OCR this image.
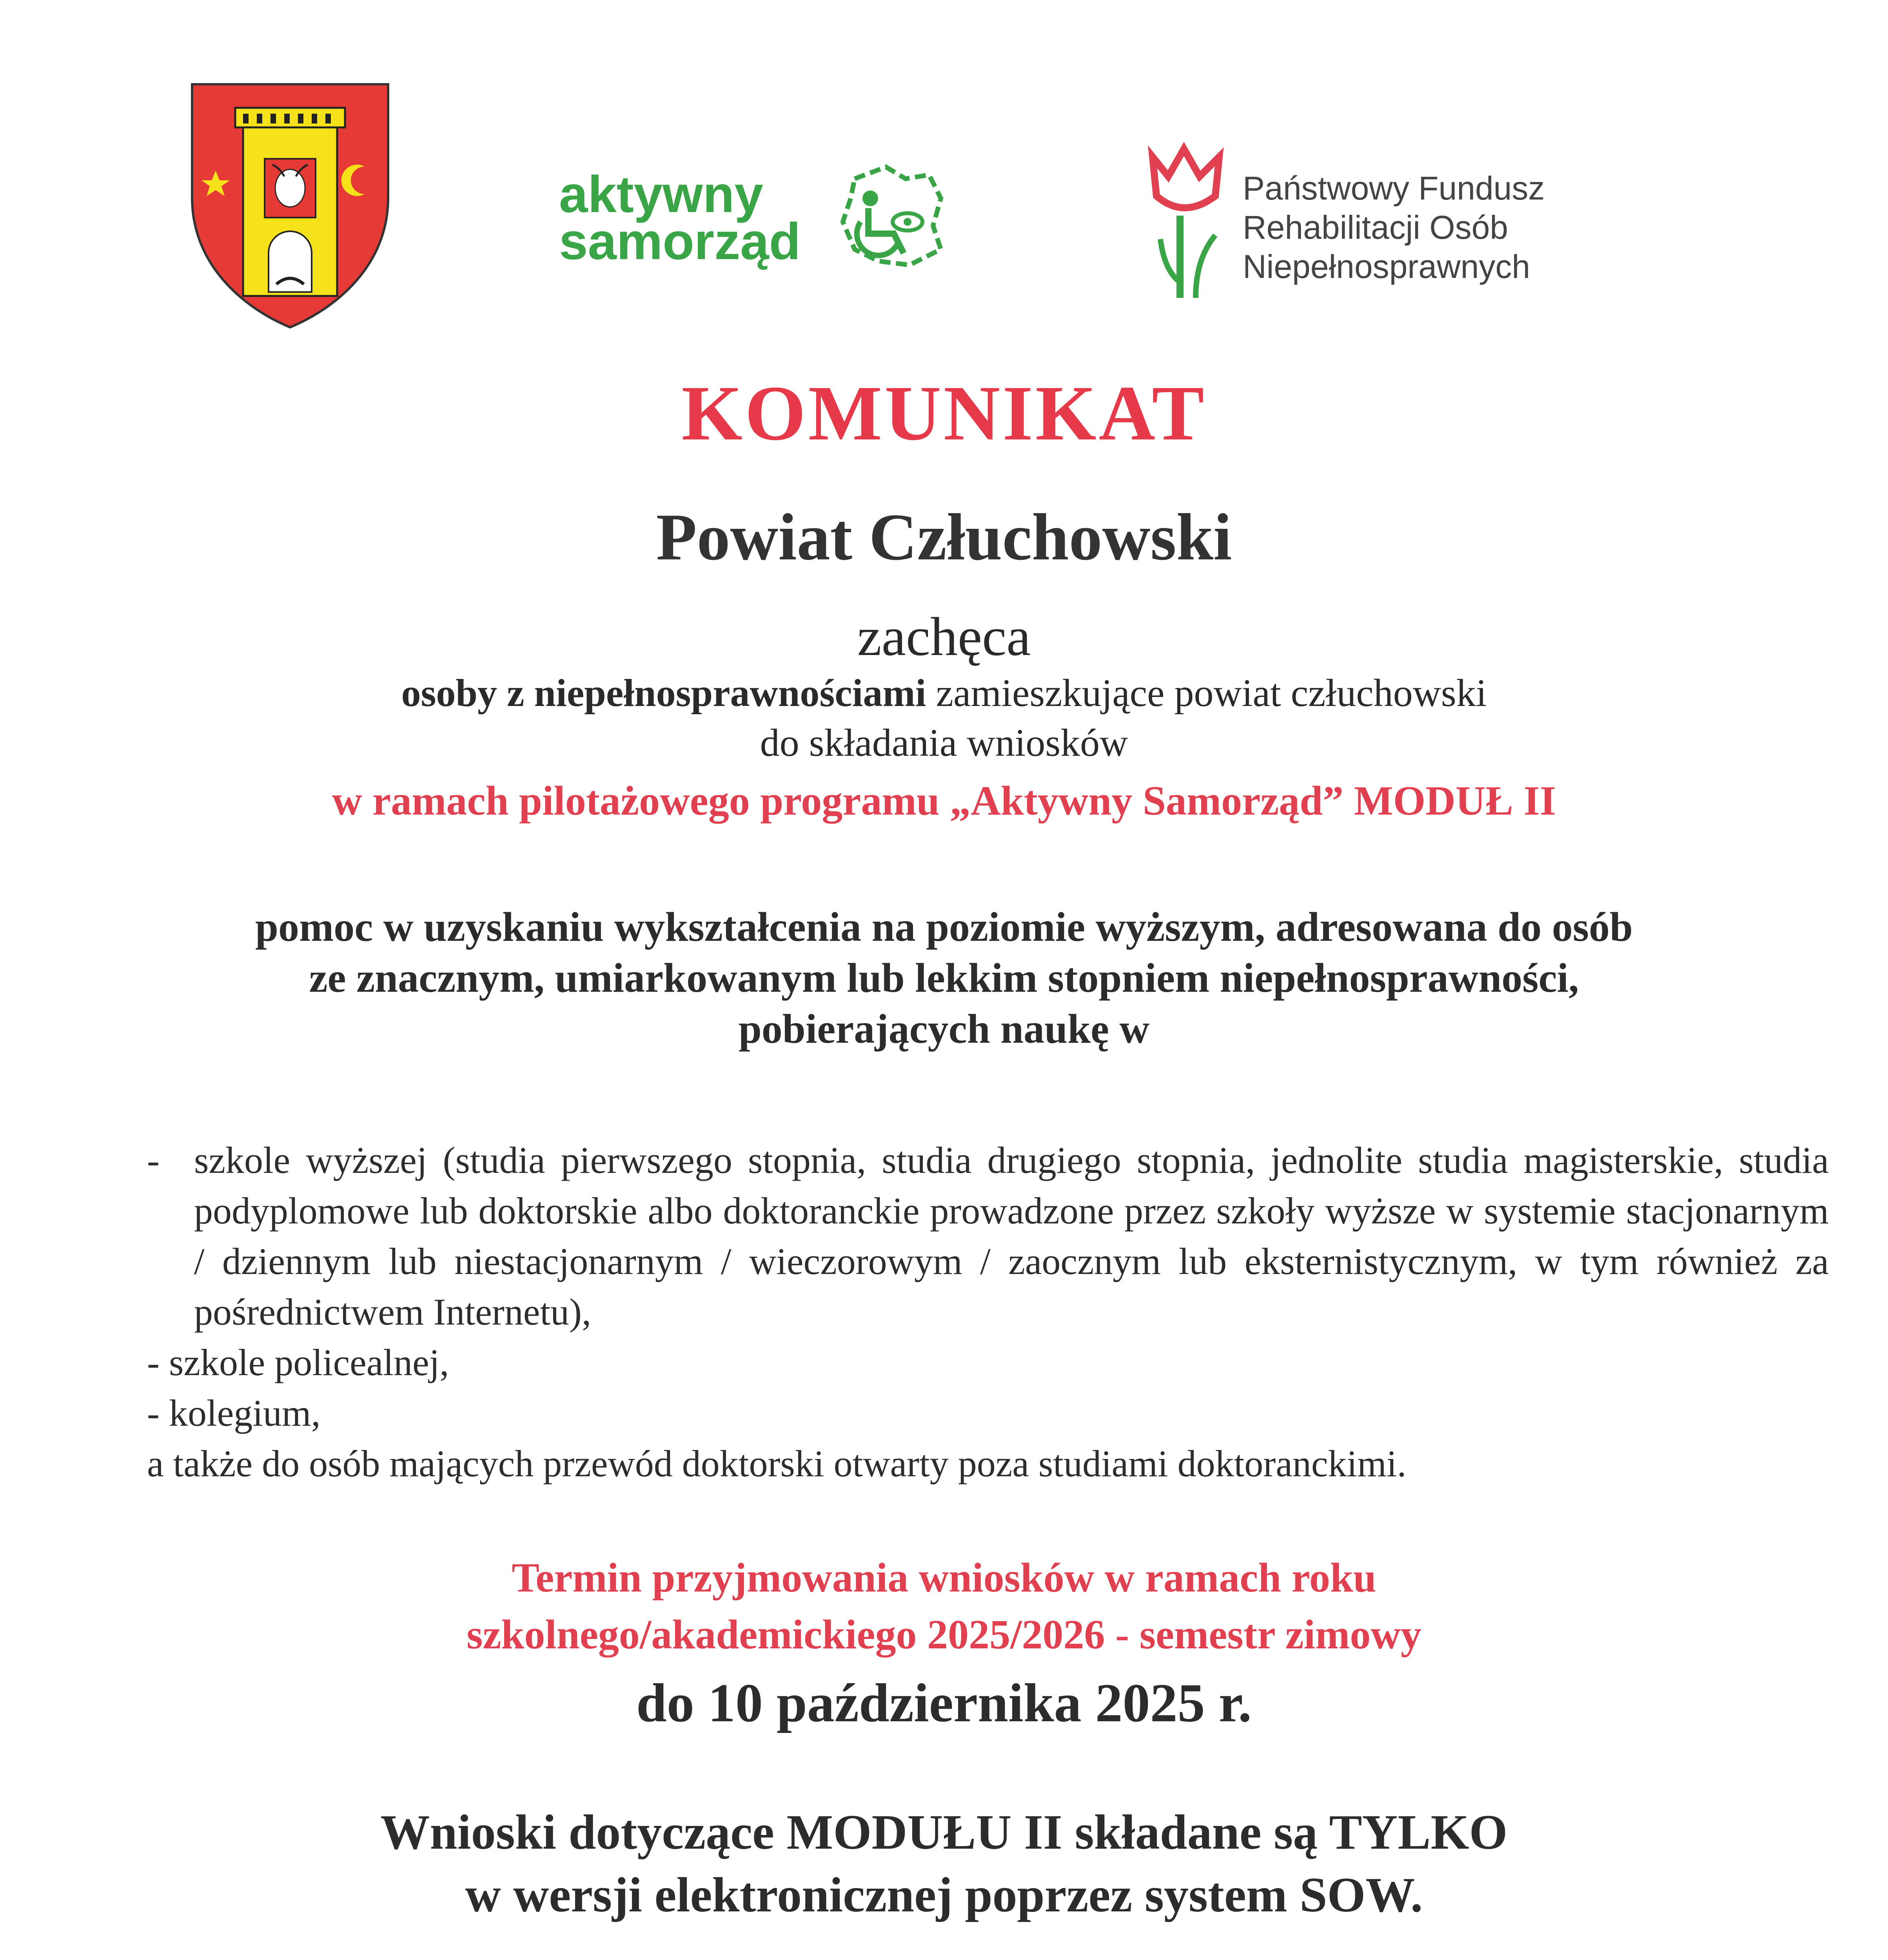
aktywny
samorząd
Państwowy Fundusz
Rehabilitacji Osób
Niepełnosprawnych
KOMUNIKAT
Powiat Człuchowski
zachęca
osoby z niepełnosprawnościami zamieszkujące powiat człuchowski
do składania wniosków
w ramach pilotażowego programu „Aktywny Samorząd” MODUŁ II
pomoc w uzyskaniu wykształcenia na poziomie wyższym, adresowana do osób
ze znacznym, umiarkowanym lub lekkim stopniem niepełnosprawności,
pobierających naukę w
- szkole wyższej (studia pierwszego stopnia, studia drugiego stopnia, jednolite studia magisterskie, studia podyplomowe lub doktorskie albo doktoranckie prowadzone przez szkoły wyższe w systemie stacjonarnym / dziennym lub niestacjonarnym / wieczorowym / zaocznym lub eksternistycznym, w tym również za pośrednictwem Internetu),
- szkole policealnej,
- kolegium,
a także do osób mających przewód doktorski otwarty poza studiami doktoranckimi.
Termin przyjmowania wniosków w ramach roku
szkolnego/akademickiego 2025/2026 - semestr zimowy
do 10 października 2025 r.
Wnioski dotyczące MODUŁU II składane są TYLKO
w wersji elektronicznej poprzez system SOW.
